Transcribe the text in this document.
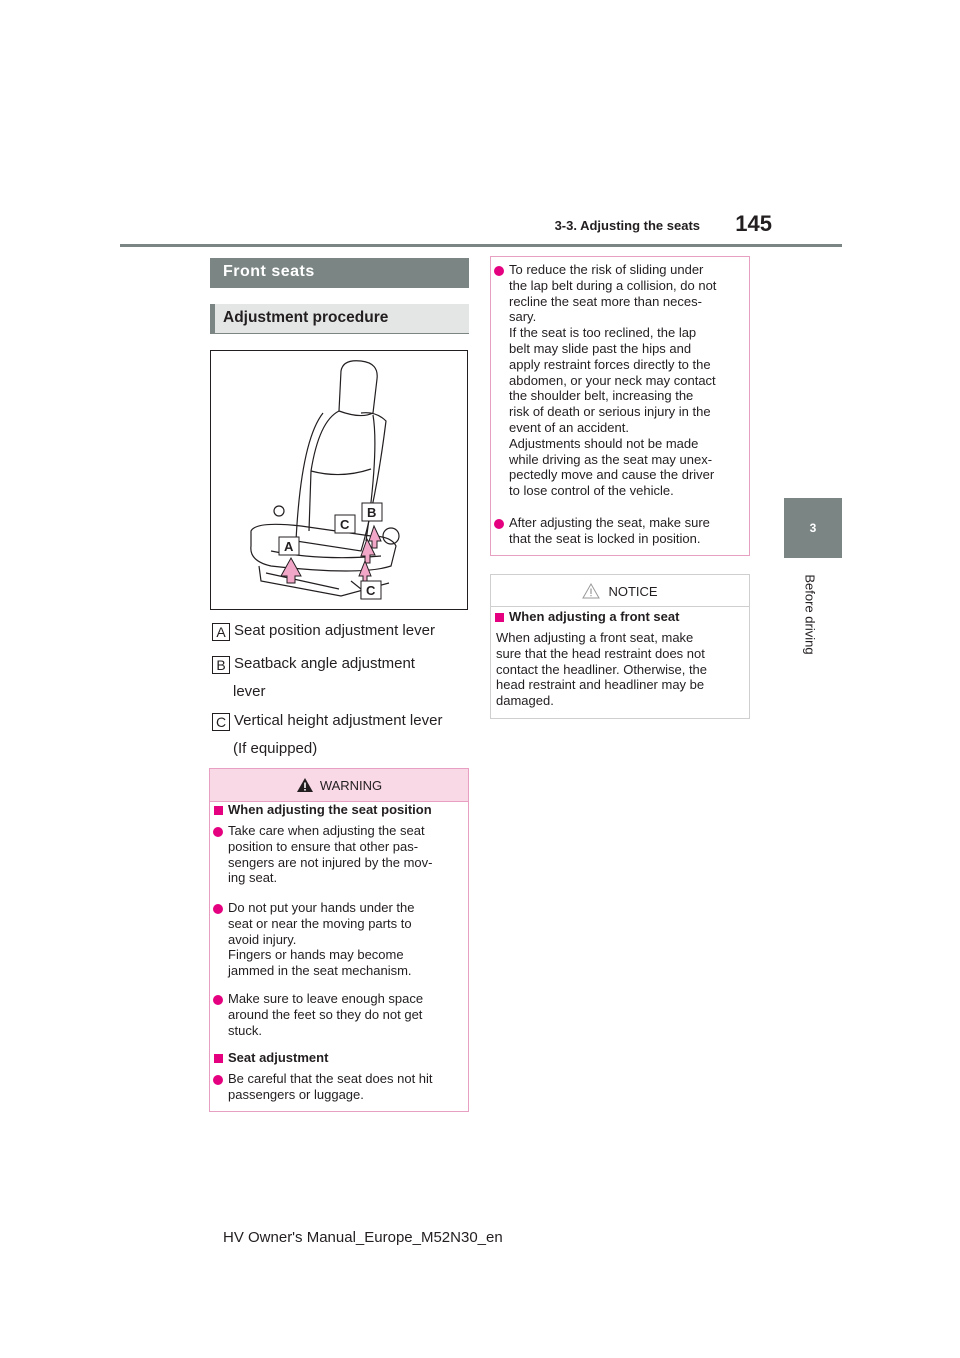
3-3. Adjusting the seats	145
3
Before driving
Front seats
Adjustment procedure
A
B
C
C
A Seat position adjustment lever
B Seatback angle adjustment
lever
C Vertical height adjustment lever
(If equipped)
WARNING
When adjusting the seat position
Take care when adjusting the seat
position to ensure that other pas-
sengers are not injured by the mov-
ing seat.
Do not put your hands under the
seat or near the moving parts to
avoid injury.
Fingers or hands may become
jammed in the seat mechanism.
Make sure to leave enough space
around the feet so they do not get
stuck.
Seat adjustment
Be careful that the seat does not hit
passengers or luggage.
To reduce the risk of sliding under
the lap belt during a collision, do not
recline the seat more than neces-
sary.
If the seat is too reclined, the lap
belt may slide past the hips and
apply restraint forces directly to the
abdomen, or your neck may contact
the shoulder belt, increasing the
risk of death or serious injury in the
event of an accident.
Adjustments should not be made
while driving as the seat may unex-
pectedly move and cause the driver
to lose control of the vehicle.
After adjusting the seat, make sure
that the seat is locked in position.
NOTICE
When adjusting a front seat
When adjusting a front seat, make
sure that the head restraint does not
contact the headliner. Otherwise, the
head restraint and headliner may be
damaged.
HV Owner's Manual_Europe_M52N30_en
